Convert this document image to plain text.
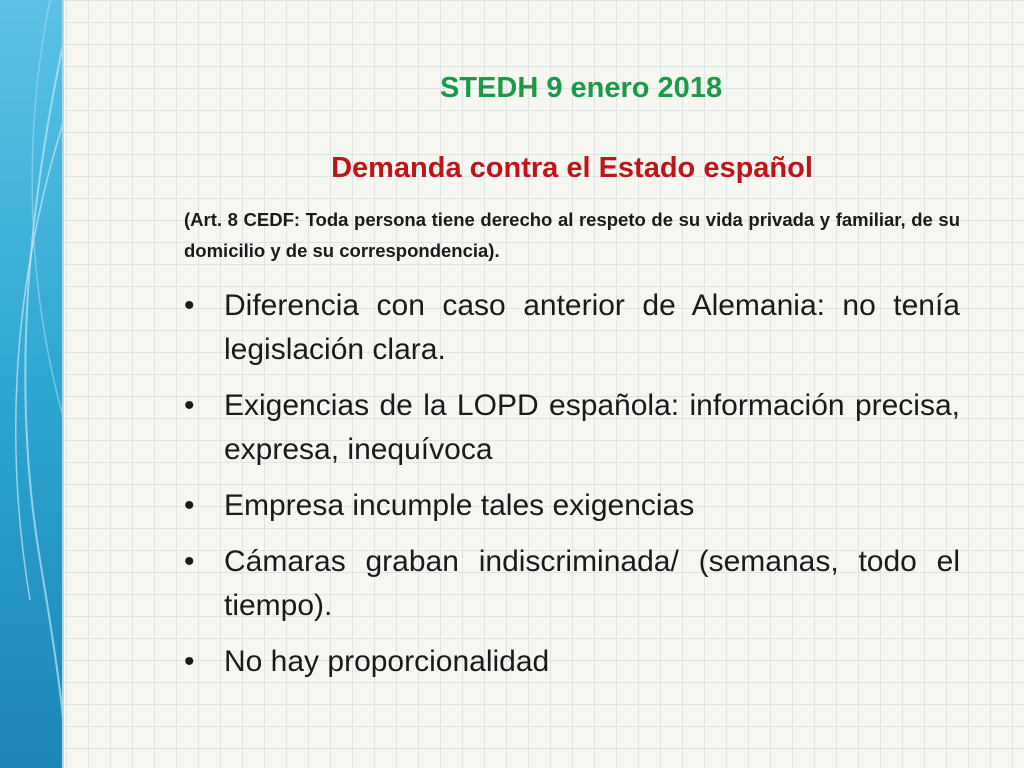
STEDH 9 enero 2018
Demanda contra el Estado español
(Art. 8 CEDF: Toda persona tiene derecho al respeto de su vida privada y familiar, de su domicilio y de su correspondencia).
• Diferencia con caso anterior de Alemania: no tenía legislación clara.
• Exigencias de la LOPD española: información precisa, expresa, inequívoca
• Empresa incumple tales exigencias
• Cámaras graban indiscriminada/ (semanas, todo el tiempo).
• No hay proporcionalidad
